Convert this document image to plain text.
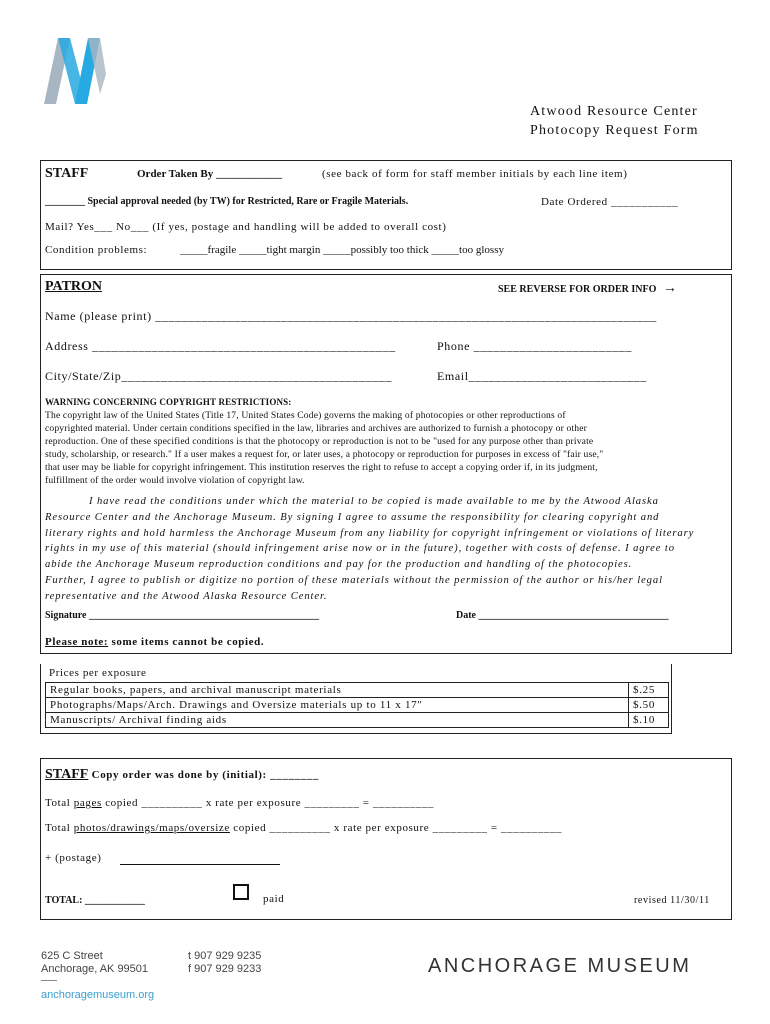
Atwood Resource Center
Photocopy Request Form
STAFF	Order Taken By ____________	(see back of form for staff member initials by each line item)
________ Special approval needed (by TW) for Restricted, Rare or Fragile Materials.	Date Ordered ___________
Mail? Yes___ No___ (If yes, postage and handling will be added to overall cost)
Condition problems:	_____fragile _____tight margin _____possibly too thick _____too glossy
PATRON	SEE REVERSE FOR ORDER INFO →
Name (please print) ____________________________________________________________________________
Address ______________________________________________	Phone ________________________
City/State/Zip_________________________________________	Email___________________________

WARNING CONCERNING COPYRIGHT RESTRICTIONS:

The copyright law of the United States (Title 17, United States Code) governs the making of photocopies or other reproductions of

copyrighted material. Under certain conditions specified in the law, libraries and archives are authorized to furnish a photocopy or other

reproduction. One of these specified conditions is that the photocopy or reproduction is not to be "used for any purpose other than private

study, scholarship, or research." If a user makes a request for, or later uses, a photocopy or reproduction for purposes in excess of "fair use,"

that user may be liable for copyright infringement. This institution reserves the right to refuse to accept a copying order if, in its judgment,

fulfillment of the order would involve violation of copyright law.

I have read the conditions under which the material to be copied is made available to me by the Atwood Alaska
Resource Center and the Anchorage Museum. By signing I agree to assume the responsibility for clearing copyright and
literary rights and hold harmless the Anchorage Museum from any liability for copyright infringement or violations of literary
rights in my use of this material (should infringement arise now or in the future), together with costs of defense. I agree to
abide the Anchorage Museum reproduction conditions and pay for the production and handling of the photocopies.
Further, I agree to publish or digitize no portion of these materials without the permission of the author or his/her legal
representative and the Atwood Alaska Resource Center.
Signature ______________________________________________	Date ______________________________________
Please note: some items cannot be copied.
Prices per exposure
Regular books, papers, and archival manuscript materials	$.25
Photographs/Maps/Arch. Drawings and Oversize materials up to 11 x 17"	$.50
Manuscripts/ Archival finding aids	$.10
STAFF Copy order was done by (initial): ________
Total pages copied __________ x rate per exposure _________ = __________
Total photos/drawings/maps/oversize copied __________ x rate per exposure _________ = __________
+ (postage)
TOTAL: ____________	paid	revised 11/30/11
625 C Street
Anchorage, AK 99501
t 907 929 9235
f 907 929 9233
anchoragemuseum.org
ANCHORAGE MUSEUM
